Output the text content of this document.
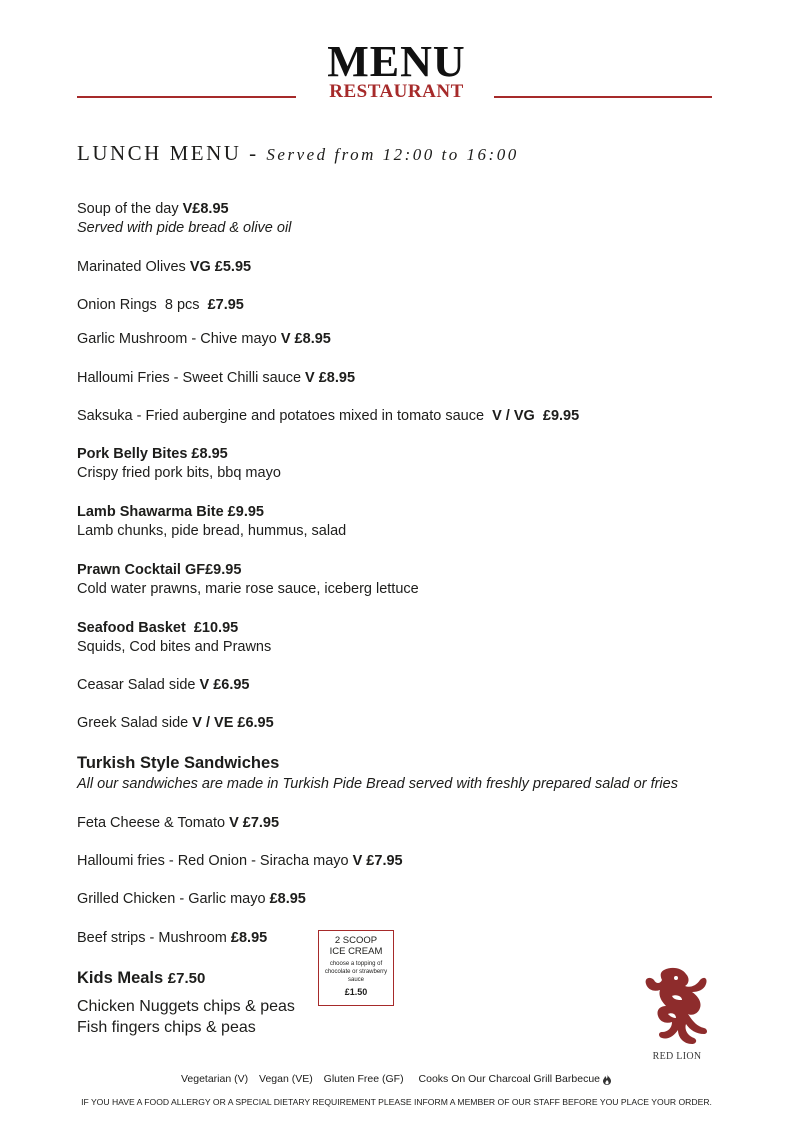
MENU
RESTAURANT
LUNCH MENU - Served from 12:00 to 16:00
Soup of the day V£8.95
Served with pide bread & olive oil
Marinated Olives VG £5.95
Onion Rings  8 pcs  £7.95
Garlic Mushroom - Chive mayo V £8.95
Halloumi Fries - Sweet Chilli sauce V £8.95
Saksuka - Fried aubergine and potatoes mixed in tomato sauce  V / VG  £9.95
Pork Belly Bites £8.95
Crispy fried pork bits, bbq mayo
Lamb Shawarma Bite £9.95
Lamb chunks, pide bread, hummus, salad
Prawn Cocktail GF£9.95
Cold water prawns, marie rose sauce, iceberg lettuce
Seafood Basket  £10.95
Squids, Cod bites and Prawns
Ceasar Salad side V £6.95
Greek Salad side V / VE £6.95
Turkish Style Sandwiches
All our sandwiches are made in Turkish Pide Bread served with freshly prepared salad or fries
Feta Cheese & Tomato V £7.95
Halloumi fries - Red Onion - Siracha mayo V £7.95
Grilled Chicken - Garlic mayo £8.95
Beef strips - Mushroom £8.95
Kids Meals £7.50
Chicken Nuggets chips & peas
Fish fingers chips & peas
2 SCOOP
ICE CREAM
choose a topping of chocolate or strawberry sauce
£1.50
RED LION
Vegetarian (V) Vegan (VE) Gluten Free (GF) Cooks On Our Charcoal Grill Barbecue
IF YOU HAVE A FOOD ALLERGY OR A SPECIAL DIETARY REQUIREMENT PLEASE INFORM A MEMBER OF OUR STAFF BEFORE YOU PLACE YOUR ORDER.
